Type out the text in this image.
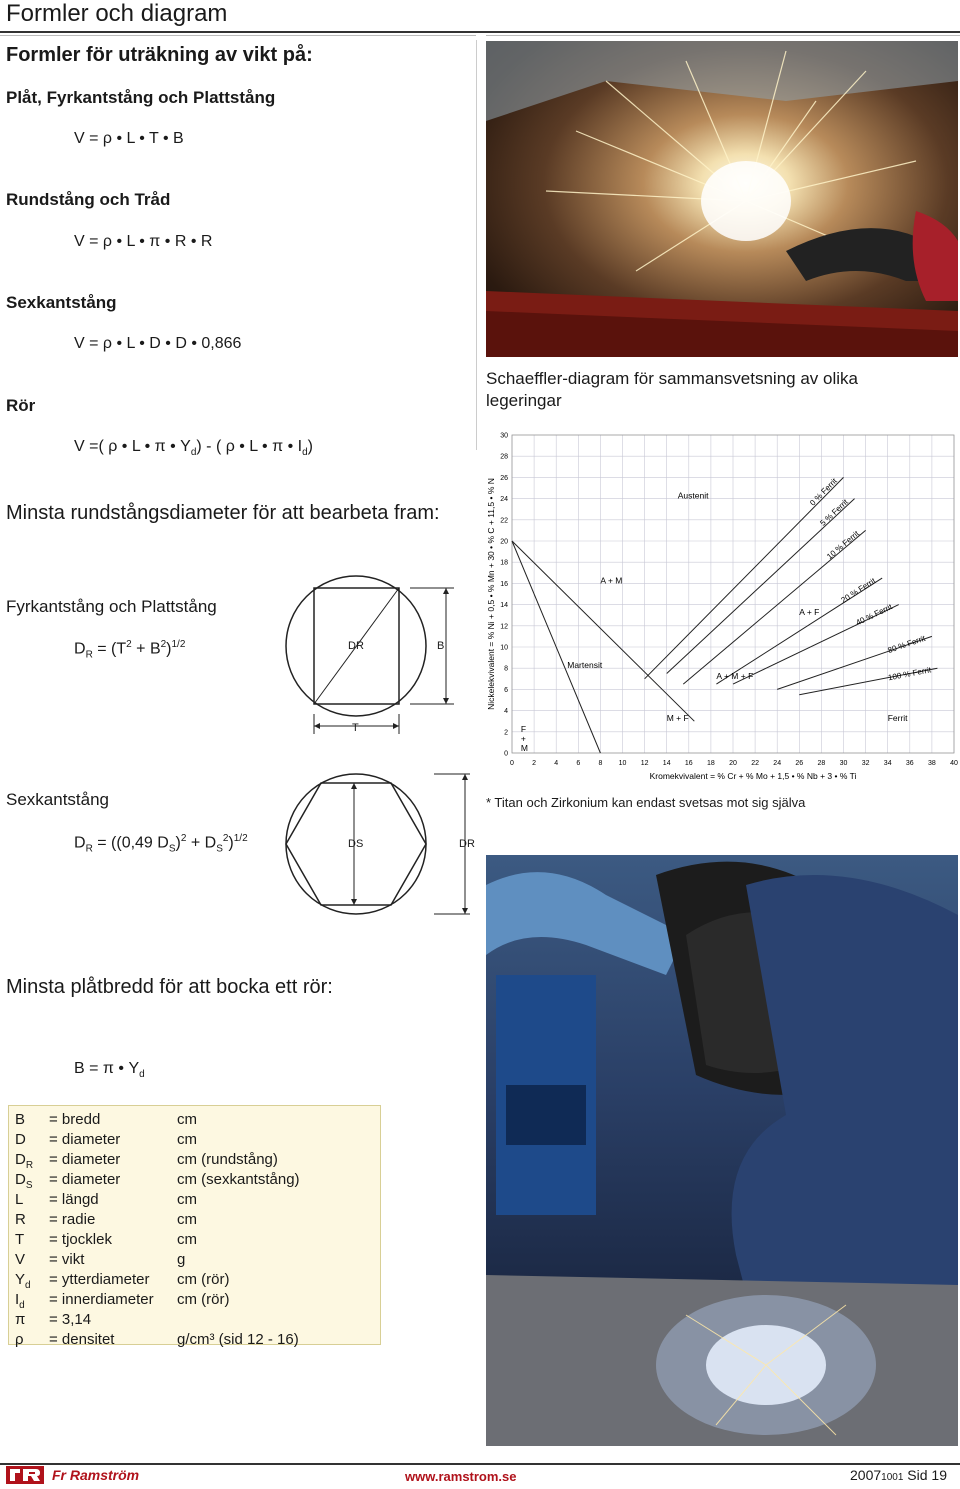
Formler och diagram
Formler för uträkning av vikt på:
Plåt, Fyrkantstång och Plattstång
V = ρ • L • T • B
Rundstång och Tråd
V = ρ • L • π • R • R
Sexkantstång
V = ρ • L • D • D • 0,866
Rör
V =( ρ • L • π • $Y_d$) - ( ρ • L • π • $I_d$)
Minsta rundstångsdiameter för att bearbeta fram:
Fyrkantstång och Plattstång
$D_R = (T^2 + B^2)^{1/2}$	DR	B
T
Sexkantstång
$D_R = ((0,49$ $D_S)^2 + D_S^2)^{1/2}$	DS	DR
Minsta plåtbredd för att bocka ett rör:
B = π • $Y_d$
B = bredd	cm
D = diameter	cm
$D_R$ = diameter	cm (rundstång)
$D_S$ = diameter	cm (sexkantstång)
L = längd	cm
R = radie	cm
T = tjocklek	cm
V = vikt	g
$Y_d$ = ytterdiameter cm (rör)
$I_d$ = innerdiameter cm (rör)
π = 3,14
ρ = densitet	g/cm³ (sid 12 - 16)
Schaeffler-diagram för sammansvetsning av olika legeringar
0	2	4	6	8 10 12 14 16 18 20 22 24 26 28 30 32 34 36 38 40
0
2
4
6
8
10
12
14
16
18
20
22
24
26
28
30
Kromekvivalent = % Cr + % Mo + 1,5 • % Nb + 3 • % Ti
Nickelekvivalent = % Ni + 0,5 • % Mn + 30 • % C + 11,5 • % N	0 % Ferrit
5 % Ferrit
10 % Ferrit
20 % Ferrit
40 % Ferrit
80 % Ferrit
100 % Ferrit
Austenit
A + M
A + F
Martensit
A + M + F
M + F
F
+
M
Ferrit
* Titan och Zirkonium kan endast svetsas mot sig själva
Fr Ramström	www.ramstrom.se	20071001 Sid 19
